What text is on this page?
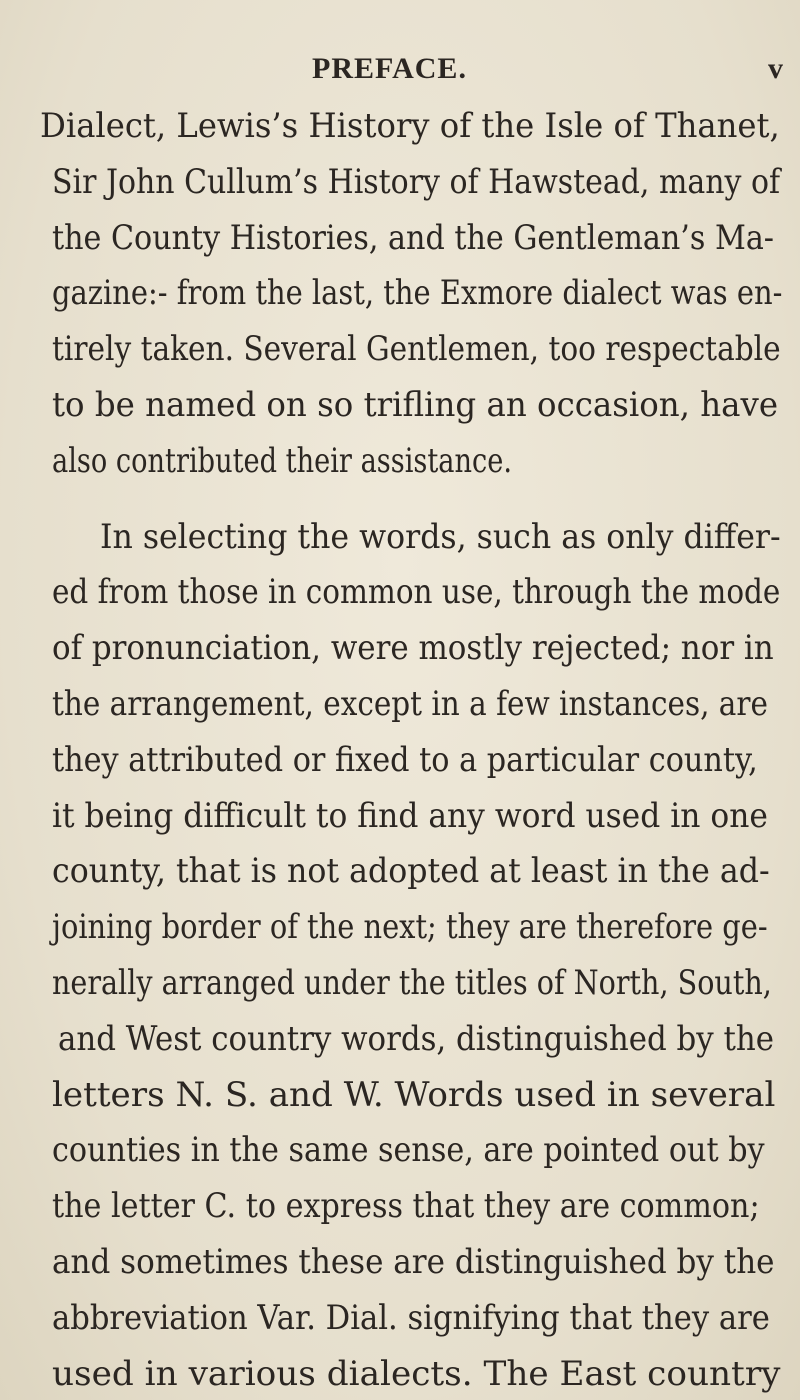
PREFACE.	v
Dialect, Lewis’s History of the Isle of Thanet,
Sir John Cullum’s History of Hawstead, many of
the County Histories, and the Gentleman’s Ma-
gazine:- from the last, the Exmore dialect was en-
tirely taken. Several Gentlemen, too respectable
to be named on so trifling an occasion, have
also contributed their assistance.
In selecting the words, such as only differ-
ed from those in common use, through the mode
of pronunciation, were mostly rejected; nor in
the arrangement, except in a few instances, are
they attributed or fixed to a particular county,
it being difficult to find any word used in one
county, that is not adopted at least in the ad-
joining border of the next; they are therefore ge-
nerally arranged under the titles of North, South,
and West country words, distinguished by the
letters N. S. and W. Words used in several
counties in the same sense, are pointed out by
the letter C. to express that they are common;
and sometimes these are distinguished by the
abbreviation Var. Dial. signifying that they are
used in various dialects. The East country
